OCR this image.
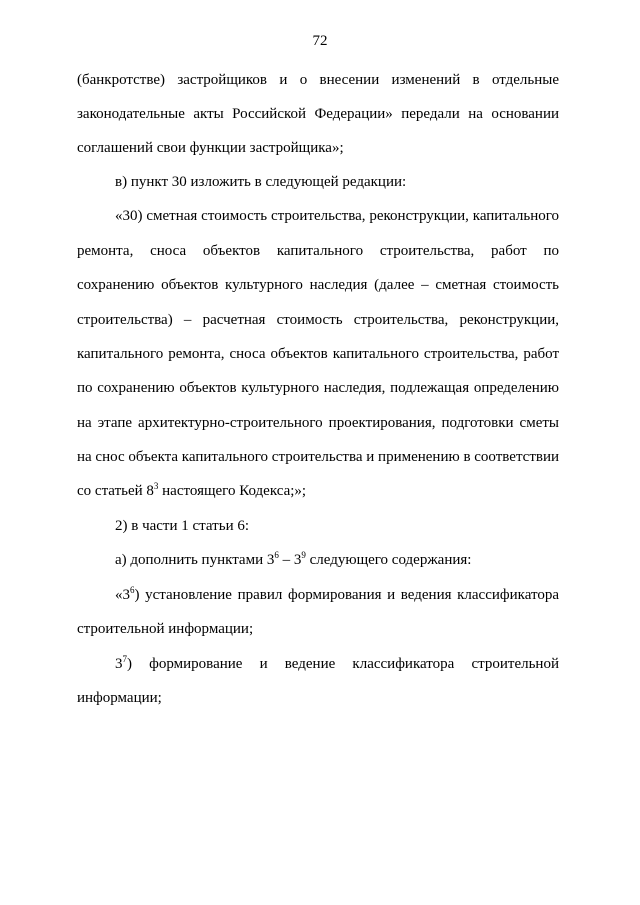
72
(банкротстве) застройщиков и о внесении изменений в отдельные
законодательные акты Российской Федерации» передали на основании
соглашений свои функции застройщика»;
в) пункт 30 изложить в следующей редакции:
«30) сметная стоимость строительства, реконструкции, капитального
ремонта, сноса объектов капитального строительства, работ по
сохранению объектов культурного наследия (далее – сметная стоимость
строительства) – расчетная стоимость строительства, реконструкции,
капитального ремонта, сноса объектов капитального строительства, работ
по сохранению объектов культурного наследия, подлежащая определению
на этапе архитектурно-строительного проектирования, подготовки сметы
на снос объекта капитального строительства и применению в соответствии
со статьей $8^3$ настоящего Кодекса;»;
2) в части 1 статьи 6:
а) дополнить пунктами $3^6 - 3^9$ следующего содержания:
«$3^6$) установление правил формирования и ведения классификатора
строительной информации;
$3^7$) формирование и ведение классификатора строительной
информации;
